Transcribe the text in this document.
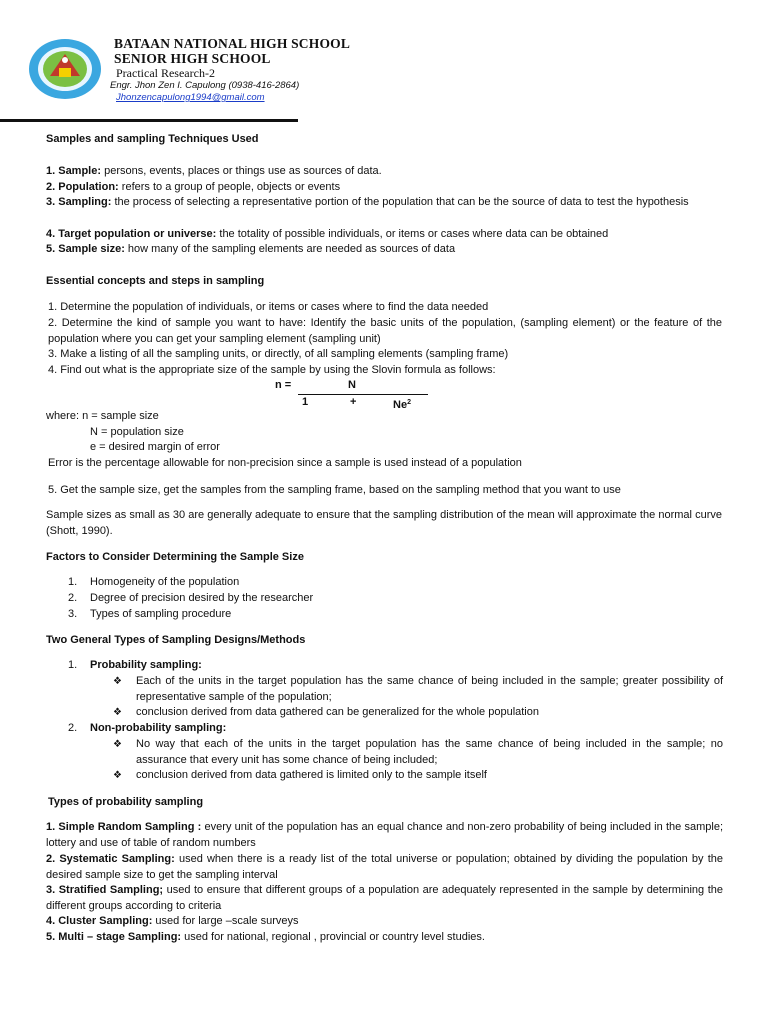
BATAAN NATIONAL HIGH SCHOOL
SENIOR HIGH SCHOOL
Practical Research-2
Engr. Jhon Zen I. Capulong (0938-416-2864)
Jhonzencapulong1994@gmail.com
Samples and sampling Techniques Used
1. Sample: persons, events, places or things use as sources of data.
2. Population: refers to a group of people, objects or events
3. Sampling: the process of selecting a representative portion of the population that can be the source of data to test the hypothesis
4. Target population or universe: the totality of possible individuals, or items or cases where data can be obtained
5. Sample size: how many of the sampling elements are needed as sources of data
Essential concepts and steps in sampling
1. Determine the population of individuals, or items or cases where to find the data needed
2. Determine the kind of sample you want to have: Identify the basic units of the population, (sampling element) or the feature of the population where you can get your sampling element (sampling unit)
3. Make a listing of all the sampling units, or directly, of all sampling elements (sampling frame)
4. Find out what is the appropriate size of the sample by using the Slovin formula as follows:
n =	N
1	+	$Ne^2$
where: n = sample size
N = population size
e = desired margin of error
Error is the percentage allowable for non-precision since a sample is used instead of a population
5. Get the sample size, get the samples from the sampling frame, based on the sampling method that you want to use
Sample sizes as small as 30 are generally adequate to ensure that the sampling distribution of the mean will approximate the normal curve (Shott, 1990).
Factors to Consider Determining the Sample Size
1. Homogeneity of the population
2. Degree of precision desired by the researcher
3. Types of sampling procedure
Two General Types of Sampling Designs/Methods
1. Probability sampling:
❖ Each of the units in the target population has the same chance of being included in the sample; greater possibility of representative sample of the population;
❖ conclusion derived from data gathered can be generalized for the whole population
2. Non-probability sampling:
❖ No way that each of the units in the target population has the same chance of being included in the sample; no assurance that every unit has some chance of being included;
❖ conclusion derived from data gathered is limited only to the sample itself
Types of probability sampling
1. Simple Random Sampling : every unit of the population has an equal chance and non-zero probability of being included in the sample; lottery and use of table of random numbers
2. Systematic Sampling: used when there is a ready list of the total universe or population; obtained by dividing the population by the desired sample size to get the sampling interval
3. Stratified Sampling; used to ensure that different groups of a population are adequately represented in the sample by determining the different groups according to criteria
4. Cluster Sampling: used for large –scale surveys
5. Multi – stage Sampling: used for national, regional , provincial or country level studies.
